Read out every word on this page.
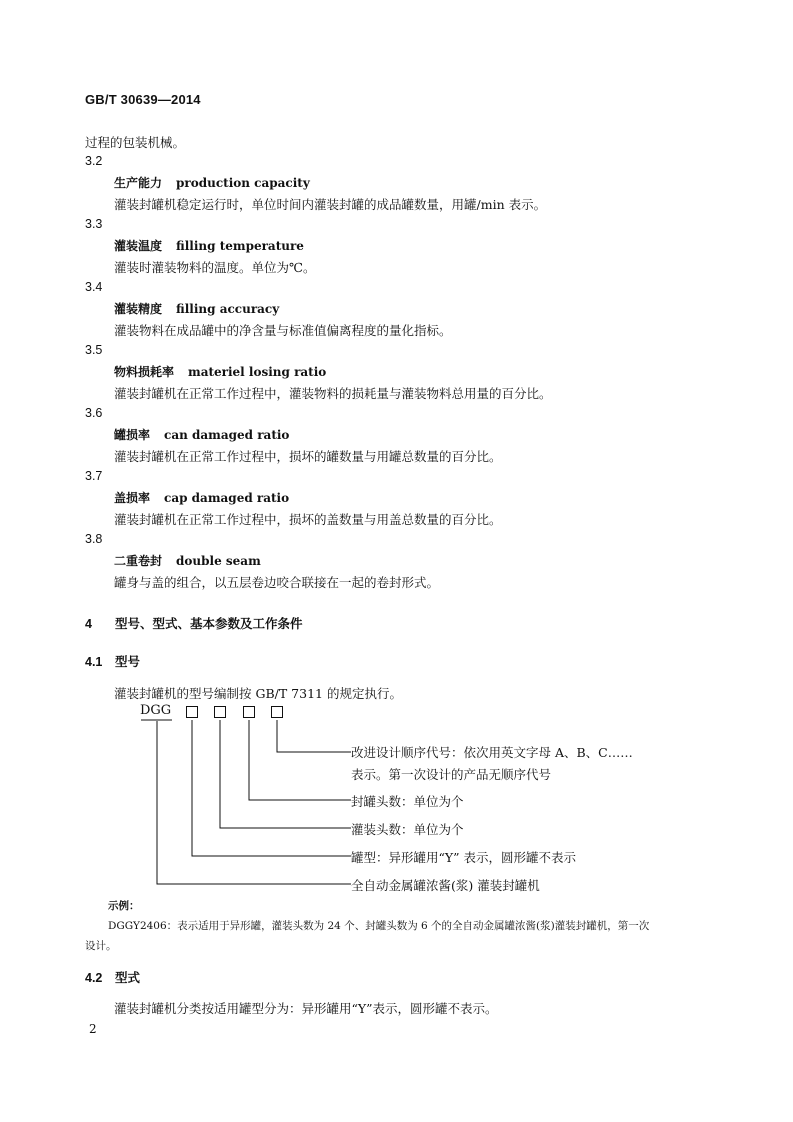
GB/T 30639—2014
过程的包装机械。
3.2
生产能力 production capacity
灌装封罐机稳定运行时，单位时间内灌装封罐的成品罐数量，用罐/min 表示。
3.3
灌装温度 filling temperature
灌装时灌装物料的温度。单位为℃。
3.4
灌装精度 filling accuracy
灌装物料在成品罐中的净含量与标准值偏离程度的量化指标。
3.5
物料损耗率 materiel losing ratio
灌装封罐机在正常工作过程中，灌装物料的损耗量与灌装物料总用量的百分比。
3.6
罐损率 can damaged ratio
灌装封罐机在正常工作过程中，损坏的罐数量与用罐总数量的百分比。
3.7
盖损率 cap damaged ratio
灌装封罐机在正常工作过程中，损坏的盖数量与用盖总数量的百分比。
3.8
二重卷封 double seam
罐身与盖的组合，以五层卷边咬合联接在一起的卷封形式。
4 型号、型式、基本参数及工作条件
4.1 型号
灌装封罐机的型号编制按 GB/T 7311 的规定执行。
DGG
改进设计顺序代号：依次用英文字母 A、B、C……
表示。第一次设计的产品无顺序代号
封罐头数：单位为个
灌装头数：单位为个
罐型：异形罐用“Y” 表示，圆形罐不表示
全自动金属罐浓酱(浆) 灌装封罐机
示例：
DGGY2406：表示适用于异形罐，灌装头数为 24 个、封罐头数为 6 个的全自动金属罐浓酱(浆)灌装封罐机，第一次
设计。
4.2 型式
灌装封罐机分类按适用罐型分为：异形罐用“Y”表示，圆形罐不表示。
2
